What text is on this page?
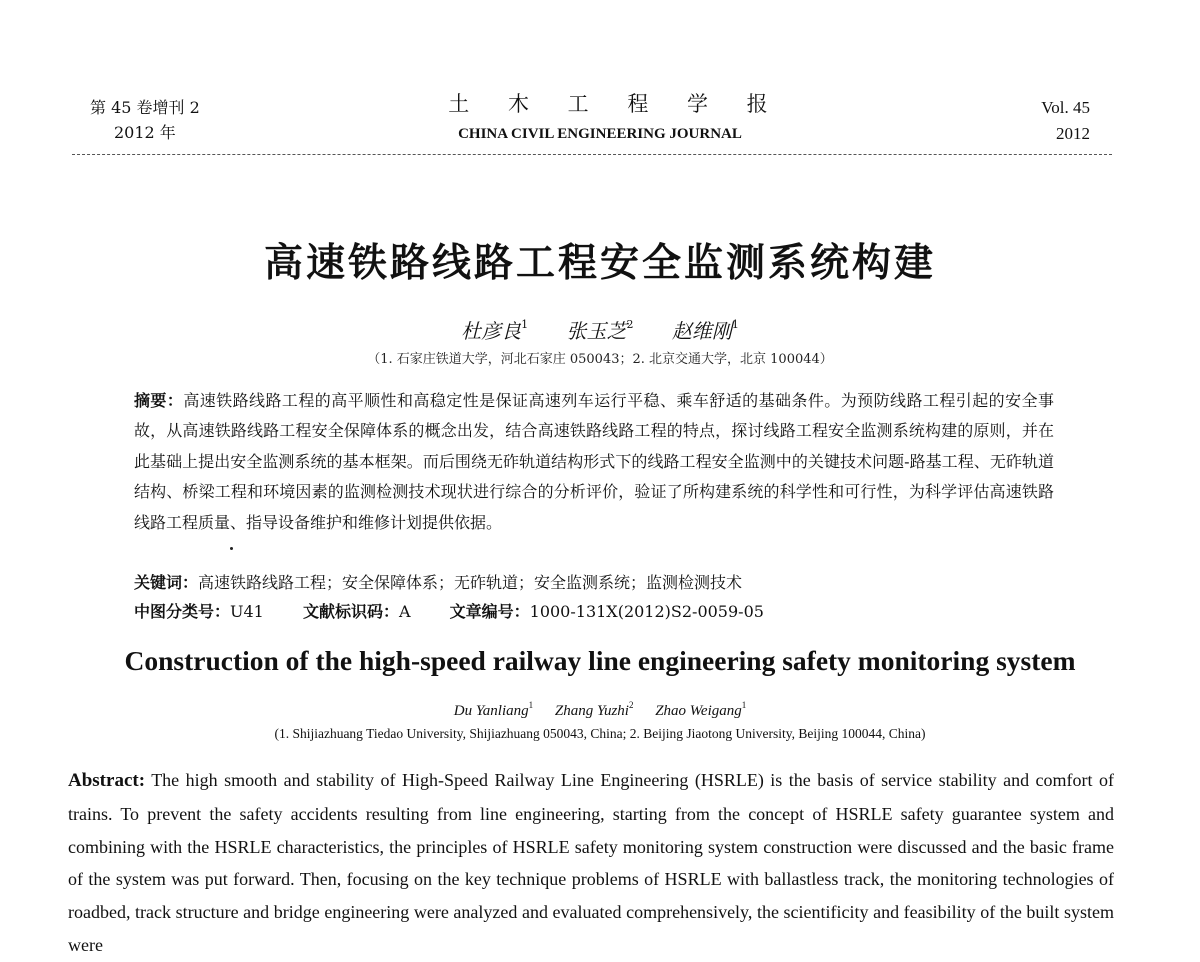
第 45 卷增刊 2
2012 年
土 木 工 程 学 报
CHINA CIVIL ENGINEERING JOURNAL
Vol. 45
2012
高速铁路线路工程安全监测系统构建
杜彦良$^1$ 张玉芝$^2$ 赵维刚$^1$
（1. 石家庄铁道大学，河北石家庄 050043；2. 北京交通大学，北京 100044）
摘要：高速铁路线路工程的高平顺性和高稳定性是保证高速列车运行平稳、乘车舒适的基础条件。为预防线路工程引起的安全事故，从高速铁路线路工程安全保障体系的概念出发，结合高速铁路线路工程的特点，探讨线路工程安全监测系统构建的原则，并在此基础上提出安全监测系统的基本框架。而后围绕无砟轨道结构形式下的线路工程安全监测中的关键技术问题-路基工程、无砟轨道结构、桥梁工程和环境因素的监测检测技术现状进行综合的分析评价，验证了所构建系统的科学性和可行性，为科学评估高速铁路线路工程质量、指导设备维护和维修计划提供依据。
关键词：高速铁路线路工程；安全保障体系；无砟轨道；安全监测系统；监测检测技术
中图分类号：U41 文献标识码：A 文章编号：1000-131X(2012)S2-0059-05
Construction of the high-speed railway line engineering safety monitoring system
Du Yanliang$^1$ Zhang Yuzhi$^2$ Zhao Weigang$^1$
(1. Shijiazhuang Tiedao University, Shijiazhuang 050043, China; 2. Beijing Jiaotong University, Beijing 100044, China)
Abstract: The high smooth and stability of High-Speed Railway Line Engineering (HSRLE) is the basis of service stability and comfort of trains. To prevent the safety accidents resulting from line engineering, starting from the concept of HSRLE safety guarantee system and combining with the HSRLE characteristics, the principles of HSRLE safety monitoring system construction were discussed and the basic frame of the system was put forward. Then, focusing on the key technique problems of HSRLE with ballastless track, the monitoring technologies of roadbed, track structure and bridge engineering were analyzed and evaluated comprehensively, the scientificity and feasibility of the built system were
